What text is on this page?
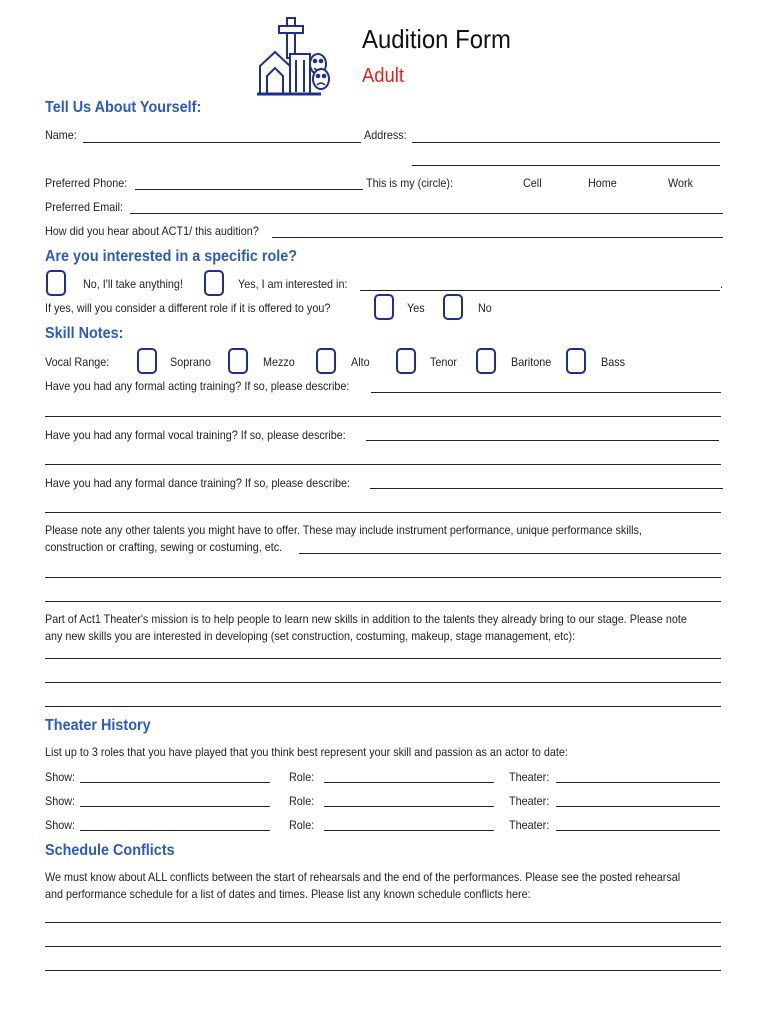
Audition Form
Adult
Tell Us About Yourself:
Name:	Address:
Preferred Phone:	This is my (circle):	Cell	Home	Work
Preferred Email:
How did you hear about ACT1/ this audition?
Are you interested in a specific role?
No, I'll take anything!	Yes, I am interested in:	.
If yes, will you consider a different role if it is offered to you?	Yes	No
Skill Notes:
Vocal Range:	Soprano	Mezzo	Alto	Tenor	Baritone	Bass
Have you had any formal acting training? If so, please describe:
Have you had any formal vocal training? If so, please describe:
Have you had any formal dance training? If so, please describe:
Please note any other talents you might have to offer. These may include instrument performance, unique performance skills,
construction or crafting, sewing or costuming, etc.
Part of Act1 Theater's mission is to help people to learn new skills in addition to the talents they already bring to our stage. Please note
any new skills you are interested in developing (set construction, costuming, makeup, stage management, etc):
Theater History
List up to 3 roles that you have played that you think best represent your skill and passion as an actor to date:
Show:	Role:	Theater:
Show:	Role:	Theater:
Show:	Role:	Theater:
Schedule Conflicts
We must know about ALL conflicts between the start of rehearsals and the end of the performances. Please see the posted rehearsal
and performance schedule for a list of dates and times. Please list any known schedule conflicts here:
